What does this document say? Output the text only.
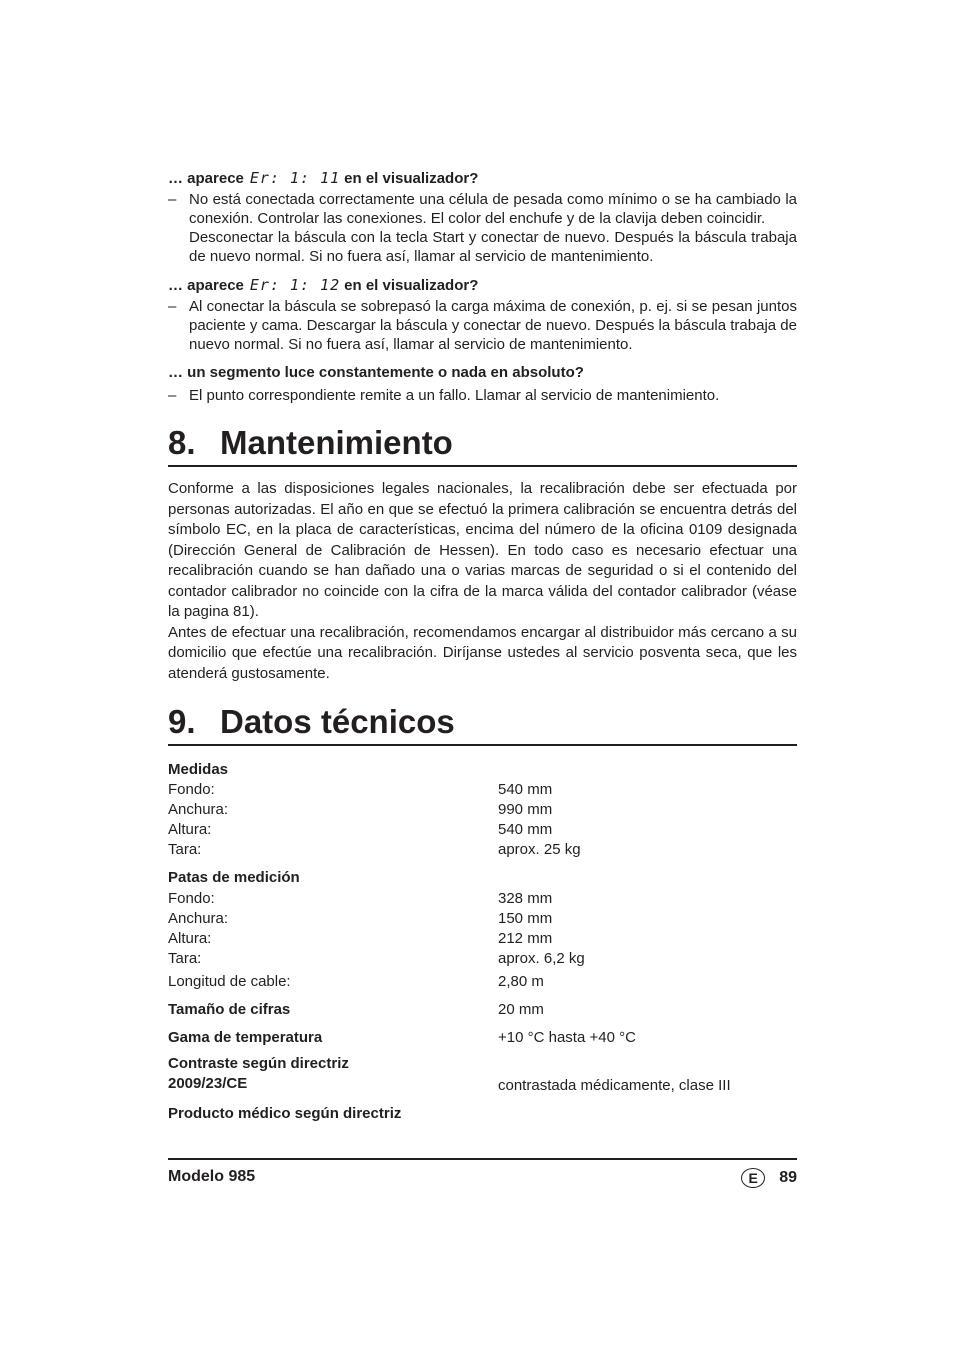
… aparece Er: 1: 11 en el visualizador?

– No está conectada correctamente una célula de pesada como mínimo o se ha cambiado la conexión. Controlar las conexiones. El color del enchufe y de la clavija deben coincidir.

Desconectar la báscula con la tecla Start y conectar de nuevo. Después la báscula trabaja de nuevo normal. Si no fuera así, llamar al servicio de mantenimiento.

… aparece Er: 1: 12 en el visualizador?

– Al conectar la báscula se sobrepasó la carga máxima de conexión, p. ej. si se pesan juntos paciente y cama. Descargar la báscula y conectar de nuevo. Después la báscula trabaja de nuevo normal. Si no fuera así, llamar al servicio de mantenimiento.

… un segmento luce constantemente o nada en absoluto?

– El punto correspondiente remite a un fallo. Llamar al servicio de mantenimiento.

8. Mantenimiento

Conforme a las disposiciones legales nacionales, la recalibración debe ser efectuada por personas autorizadas. El año en que se efectuó la primera calibración se encuentra detrás del símbolo EC, en la placa de características, encima del número de la oficina 0109 designada (Dirección General de Calibración de Hessen). En todo caso es necesario efectuar una recalibración cuando se han dañado una o varias marcas de seguridad o si el contenido del contador calibrador no coincide con la cifra de la marca válida del contador calibrador (véase la pagina 81).

Antes de efectuar una recalibración, recomendamos encargar al distribuidor más cercano a su domicilio que efectúe una recalibración. Diríjanse ustedes al servicio posventa seca, que les atenderá gustosamente.

9. Datos técnicos
Medidas	
Fondo:	540 mm
Anchura:	990 mm
Altura:	540 mm
Tara:	aprox. 25 kg
Patas de medición	
Fondo:	328 mm
Anchura:	150 mm
Altura:	212 mm
Tara:	aprox. 6,2 kg
Longitud de cable:	2,80 m
Tamaño de cifras	20 mm
Gama de temperatura	+10 °C hasta +40 °C
Contraste según directriz
2009/23/CE	contrastada médicamente, clase III
Producto médico según directriz	
Modelo 985	E 89
